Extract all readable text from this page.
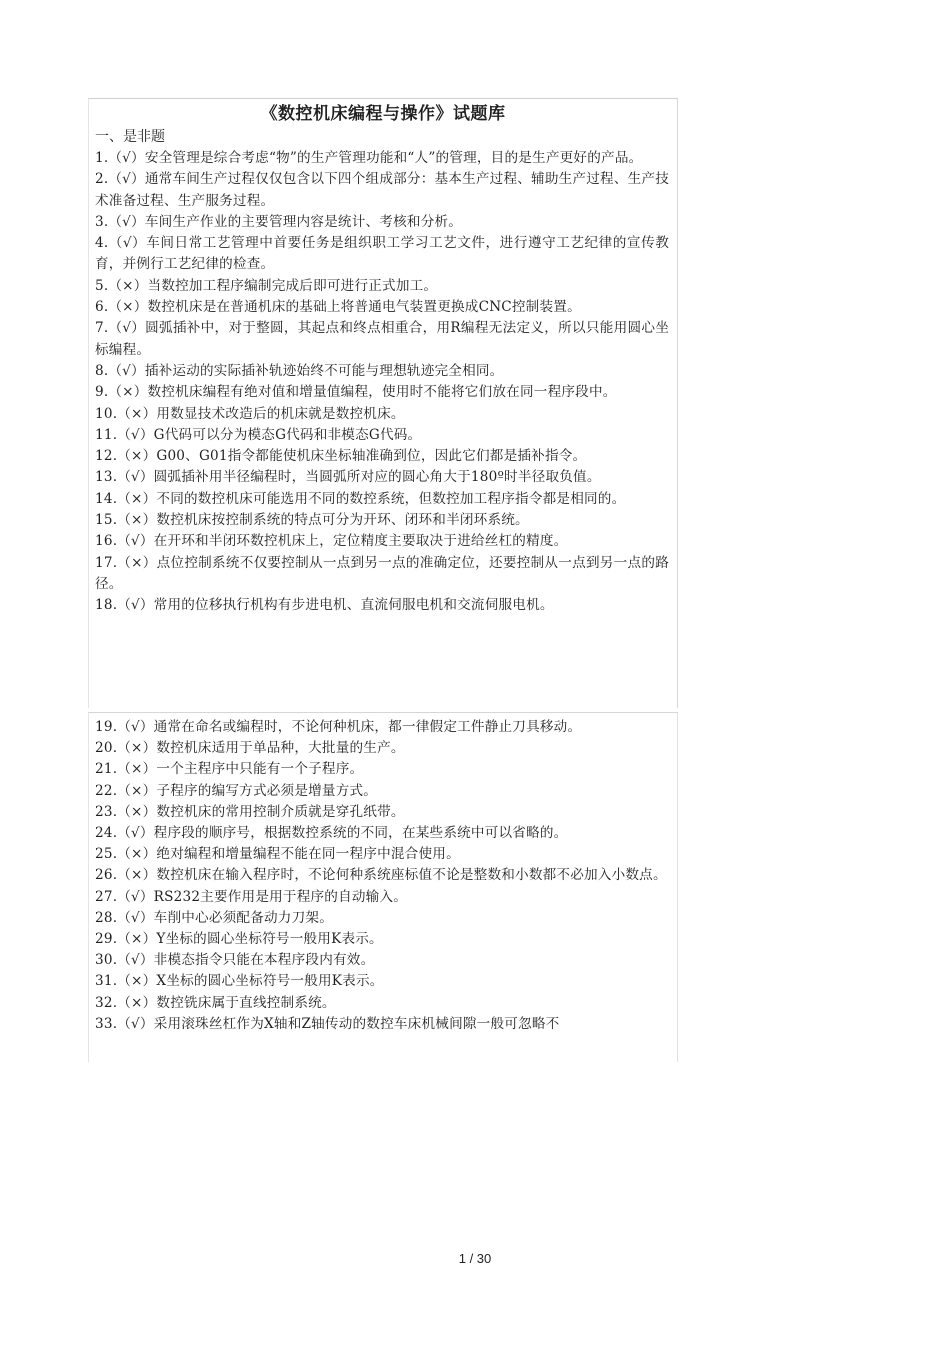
《数控机床编程与操作》试题库
一、是非题

1.（√）安全管理是综合考虑“物”的生产管理功能和“人”的管理，目的是生产更好的产品。

2.（√）通常车间生产过程仅仅包含以下四个组成部分：基本生产过程、辅助生产过程、生产技术准备过程、生产服务过程。

3.（√）车间生产作业的主要管理内容是统计、考核和分析。

4.（√）车间日常工艺管理中首要任务是组织职工学习工艺文件，进行遵守工艺纪律的宣传教育，并例行工艺纪律的检查。

5.（×）当数控加工程序编制完成后即可进行正式加工。

6.（×）数控机床是在普通机床的基础上将普通电气装置更换成CNC控制装置。

7.（√）圆弧插补中，对于整圆，其起点和终点相重合，用R编程无法定义，所以只能用圆心坐标编程。

8.（√）插补运动的实际插补轨迹始终不可能与理想轨迹完全相同。

9.（×）数控机床编程有绝对值和增量值编程，使用时不能将它们放在同一程序段中。

10.（×）用数显技术改造后的机床就是数控机床。

11.（√）G代码可以分为模态G代码和非模态G代码。

12.（×）G00、G01指令都能使机床坐标轴准确到位，因此它们都是插补指令。

13.（√）圆弧插补用半径编程时，当圆弧所对应的圆心角大于180º时半径取负值。

14.（×）不同的数控机床可能选用不同的数控系统，但数控加工程序指令都是相同的。

15.（×）数控机床按控制系统的特点可分为开环、闭环和半闭环系统。

16.（√）在开环和半闭环数控机床上，定位精度主要取决于进给丝杠的精度。

17.（×）点位控制系统不仅要控制从一点到另一点的准确定位，还要控制从一点到另一点的路径。

18.（√）常用的位移执行机构有步进电机、直流伺服电机和交流伺服电机。

19.（√）通常在命名或编程时，不论何种机床，都一律假定工件静止刀具移动。

20.（×）数控机床适用于单品种，大批量的生产。

21.（×）一个主程序中只能有一个子程序。

22.（×）子程序的编写方式必须是增量方式。

23.（×）数控机床的常用控制介质就是穿孔纸带。

24.（√）程序段的顺序号，根据数控系统的不同，在某些系统中可以省略的。

25.（×）绝对编程和增量编程不能在同一程序中混合使用。

26.（×）数控机床在输入程序时，不论何种系统座标值不论是整数和小数都不必加入小数点。

27.（√）RS232主要作用是用于程序的自动输入。

28.（√）车削中心必须配备动力刀架。

29.（×）Y坐标的圆心坐标符号一般用K表示。

30.（√）非模态指令只能在本程序段内有效。

31.（×）X坐标的圆心坐标符号一般用K表示。

32.（×）数控铣床属于直线控制系统。

33.（√）采用滚珠丝杠作为X轴和Z轴传动的数控车床机械间隙一般可忽略不

1 / 30
